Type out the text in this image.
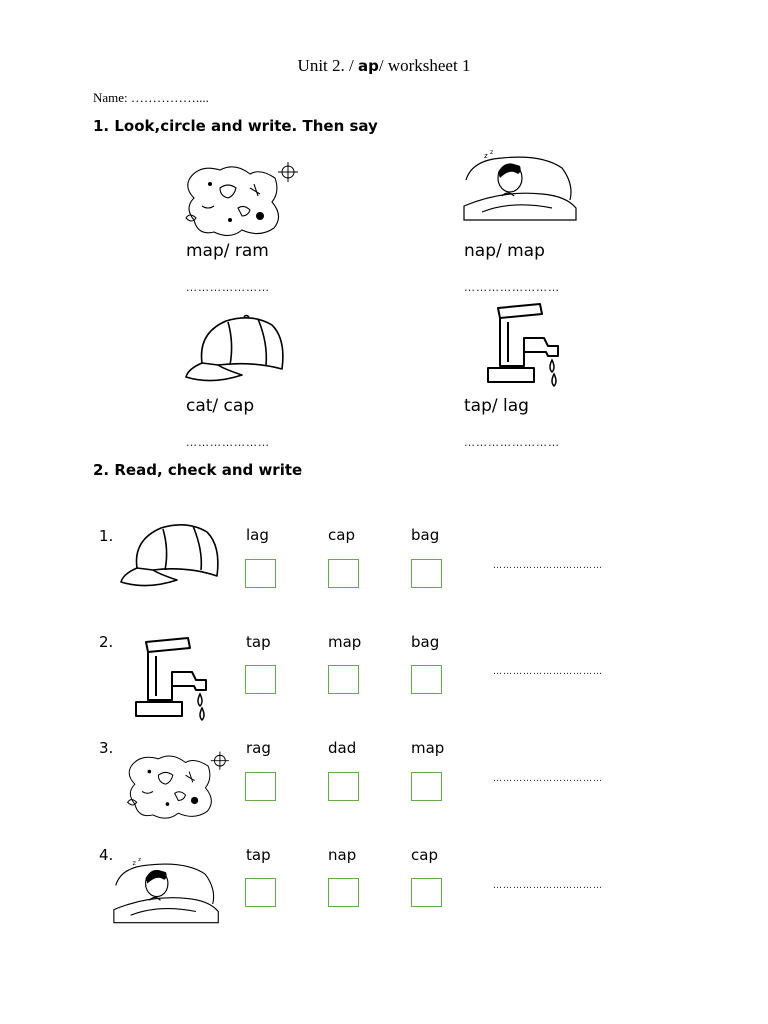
Unit 2. / ap/ worksheet 1
Name: ……………....
1. Look,circle and write. Then say
map/ ram
…………………
z z
nap/ map
……………………
cat/ cap
…………………
tap/ lag
……………………
2. Read, check and write
1.	lag	cap	bag
……………………………
2.	tap	map	bag
……………………………
3.	rag	dad	map
……………………………
4.	z z	tap	nap	cap
……………………………
